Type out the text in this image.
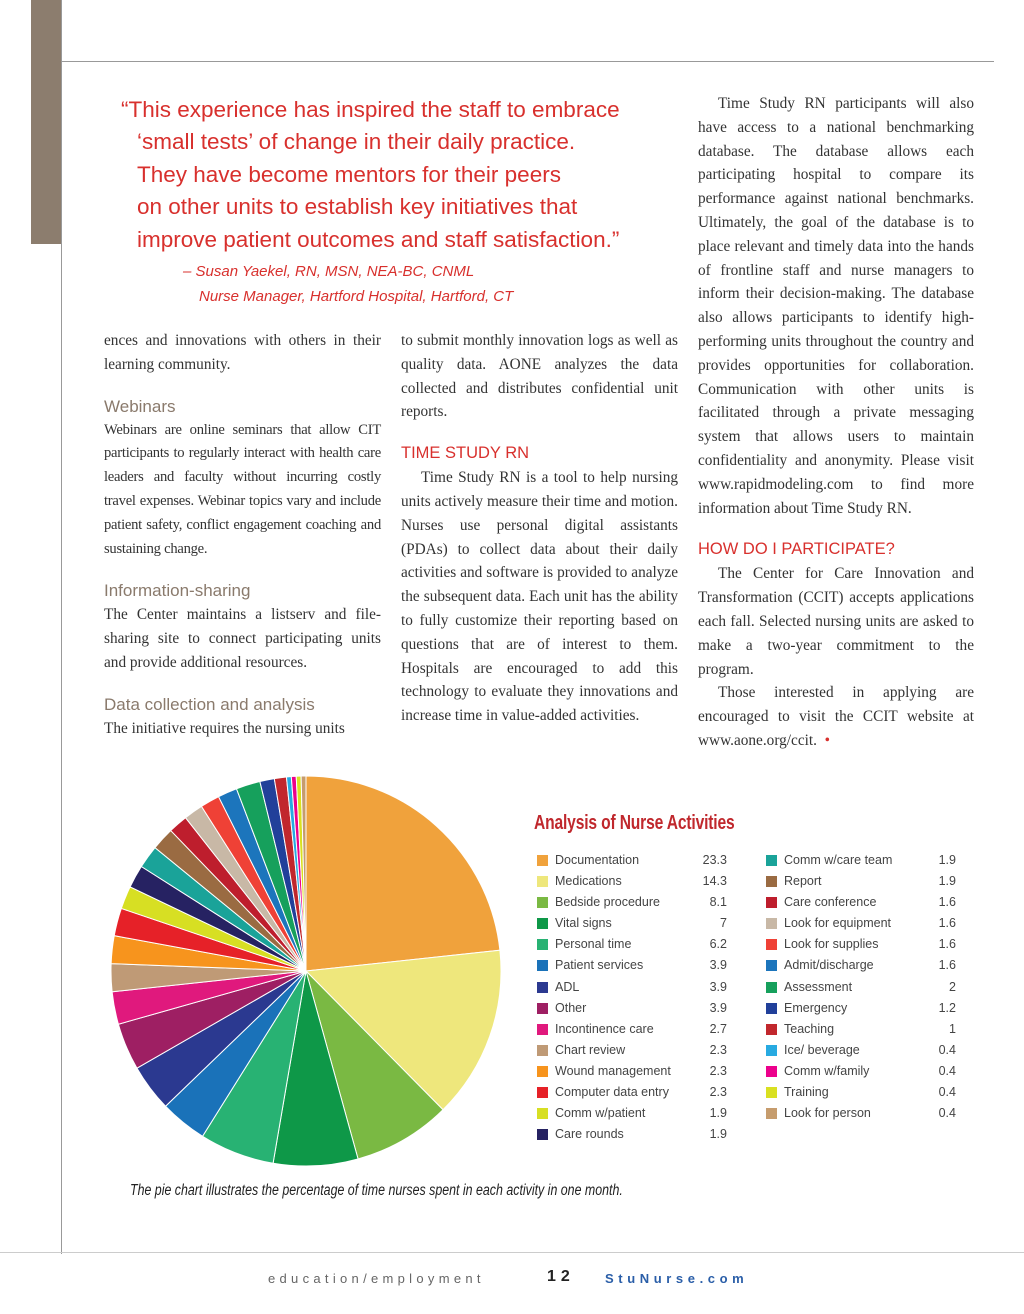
“This experience has inspired the staff to embrace
‘small tests’ of change in their daily practice.
They have become mentors for their peers
on other units to establish key initiatives that
improve patient outcomes and staff satisfaction.”
– Susan Yaekel, RN, MSN, NEA-BC, CNML
Nurse Manager, Hartford Hospital, Hartford, CT

ences and innovations with others in their learning community.

Webinars

Webinars are online seminars that allow CIT participants to regularly interact with health care leaders and faculty without incurring costly travel expenses. Webinar topics vary and include patient safety, conflict engagement coaching and sustaining change.

Information-sharing

The Center maintains a listserv and file-sharing site to connect participating units and provide additional resources.

Data collection and analysis

The initiative requires the nursing units

to submit monthly innovation logs as well as quality data. AONE analyzes the data collected and distributes confidential unit reports.

TIME STUDY RN

Time Study RN is a tool to help nursing units actively measure their time and motion. Nurses use personal digital assistants (PDAs) to collect data about their daily activities and software is provided to analyze the subsequent data. Each unit has the ability to fully customize their reporting based on questions that are of interest to them. Hospitals are encouraged to add this technology to evaluate they innovations and increase time in value-added activities.

Time Study RN participants will also have access to a national benchmarking database. The database allows each participating hospital to compare its performance against national benchmarks. Ultimately, the goal of the database is to place relevant and timely data into the hands of frontline staff and nurse managers to inform their decision-making. The database also allows participants to identify high-performing units throughout the country and provides opportunities for collaboration. Communication with other units is facilitated through a private messaging system that allows users to maintain confidentiality and anonymity. Please visit www.rapidmodeling.com to find more information about Time Study RN.

HOW DO I PARTICIPATE?

The Center for Care Innovation and Transformation (CCIT) accepts applications each fall. Selected nursing units are asked to make a two-year commitment to the program.

Those interested in applying are encouraged to visit the CCIT website at www.aone.org/ccit. •

Analysis of Nurse Activities
Documentation	23.3
Medications	14.3
Bedside procedure	8.1
Vital signs	7
Personal time	6.2
Patient services	3.9
ADL	3.9
Other	3.9
Incontinence care	2.7
Chart review	2.3
Wound management	2.3
Computer data entry	2.3
Comm w/patient	1.9
Care rounds	1.9
Comm w/care team	1.9
Report	1.9
Care conference	1.6
Look for equipment	1.6
Look for supplies	1.6
Admit/discharge	1.6
Assessment	2
Emergency	1.2
Teaching	1
Ice/ beverage	0.4
Comm w/family	0.4
Training	0.4
Look for person	0.4
The pie chart illustrates the percentage of time nurses spent in each activity in one month.
education/employment	12 StuNurse.com
